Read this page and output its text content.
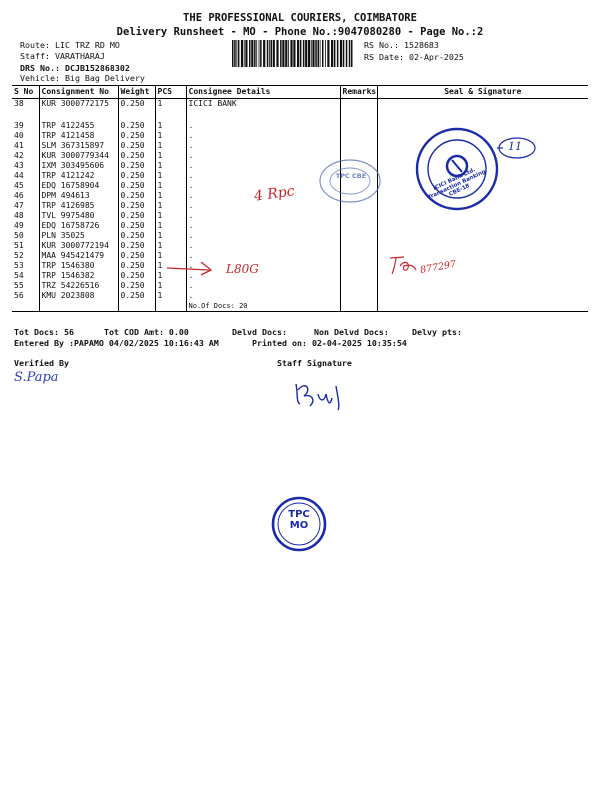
THE PROFESSIONAL COURIERS, COIMBATORE
Delivery Runsheet - MO - Phone No.:9047080280 - Page No.:2
Route: LIC TRZ RD MO
Staff: VARATHARAJ
DRS No.: DCJB152868302
Vehicle: Big Bag Delivery
RS No.: 1528683
RS Date: 02-Apr-2025
S No	Consignment No	Weight	PCS	Consignee Details	Remarks	Seal & Signature
38	KUR 3000772175	0.250	1	ICICI BANK		

39	TRP 4122455	0.250	1	.		
40	TRP 4121458	0.250	1	.		
41	SLM 367315897	0.250	1	.		
42	KUR 3000779344	0.250	1	.		
43	IXM 303495606	0.250	1	.		
44	TRP 4121242	0.250	1	.		
45	EDQ 16758904	0.250	1	.		
46	DPM 494613	0.250	1	.		
47	TRP 4126985	0.250	1	.		
48	TVL 9975480	0.250	1	.		
49	EDQ 16758726	0.250	1	.		
50	PLN 35025	0.250	1	.		
51	KUR 3000772194	0.250	1	.		
52	MAA 945421479	0.250	1	.		
53	TRP 1546380	0.250	1	.		
54	TRP 1546382	0.250	1	.		
55	TRZ 54226516	0.250	1	.		
56	KMU 2023808	0.250	1	.		
				No.Of Docs: 20		
Tot Docs: 56	Tot COD Amt: 0.00	Delvd Docs:	Non Delvd Docs:	Delvy pts:
Entered By :PAPAMO 04/02/2025 10:16:43 AM	Printed on: 02-04-2025 10:35:54
Verified By	Staff Signature
S.Papa
4 Rpc
L80G	877297
11
ICICI Bank Ltd. Transaction Banking CBE-18
TPC CBE
TPC MO
